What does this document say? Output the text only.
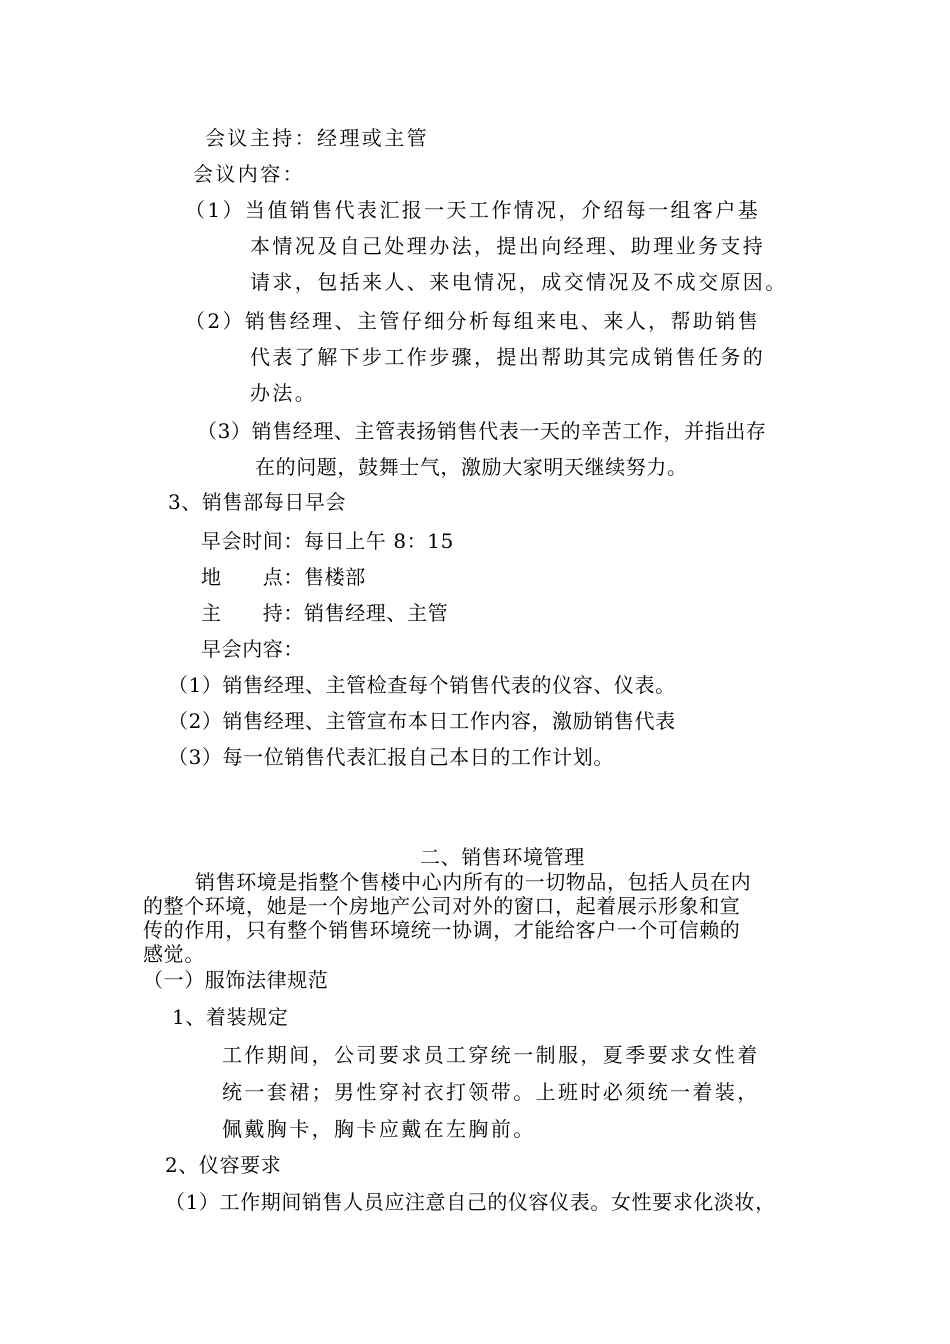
会议主持：经理或主管
会议内容：
（1）当值销售代表汇报一天工作情况，介绍每一组客户基
本情况及自己处理办法，提出向经理、助理业务支持
请求，包括来人、来电情况，成交情况及不成交原因。
（2）销售经理、主管仔细分析每组来电、来人，帮助销售
代表了解下步工作步骤，提出帮助其完成销售任务的
办法。
（3）销售经理、主管表扬销售代表一天的辛苦工作，并指出存
在的问题，鼓舞士气，激励大家明天继续努力。
3、销售部每日早会
早会时间：每日上午 8：15
地　　点：售楼部
主　　持：销售经理、主管
早会内容：
（1）销售经理、主管检查每个销售代表的仪容、仪表。
（2）销售经理、主管宣布本日工作内容，激励销售代表
（3）每一位销售代表汇报自己本日的工作计划。
二、销售环境管理
销售环境是指整个售楼中心内所有的一切物品，包括人员在内
的整个环境，她是一个房地产公司对外的窗口，起着展示形象和宣
传的作用，只有整个销售环境统一协调，才能给客户一个可信赖的
感觉。
（一）服饰法律规范
1、着装规定
工作期间，公司要求员工穿统一制服，夏季要求女性着
统一套裙；男性穿衬衣打领带。上班时必须统一着装，
佩戴胸卡，胸卡应戴在左胸前。
2、仪容要求
（1）工作期间销售人员应注意自己的仪容仪表。女性要求化淡妆，
